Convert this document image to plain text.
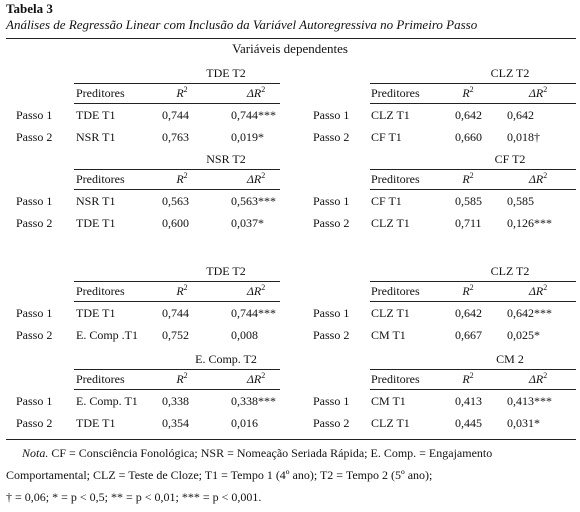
Tabela 3
Análises de Regressão Linear com Inclusão da Variável Autoregressiva no Primeiro Passo
Variáveis dependentes
TDE T2
Preditores	$R^2$	$\Delta R^2$
Passo 1 TDE T1	0,744	0,744***
Passo 2 NSR T1	0,763	0,019*
CLZ T2
Preditores	$R^2$	$\Delta R^2$
Passo 1 CLZ T1	0,642 0,642
Passo 2 CF T1	0,660 0,018†
NSR T2
Preditores	$R^2$	$\Delta R^2$
Passo 1 NSR T1	0,563	0,563***
Passo 2 TDE T1	0,600	0,037*
CF T2
Preditores	$R^2$	$\Delta R^2$
Passo 1 CF T1	0,585 0,585
Passo 2 CLZ T1	0,711 0,126***
TDE T2
Preditores	$R^2$	$\Delta R^2$
Passo 1 TDE T1	0,744	0,744***
Passo 2 E. Comp .T1 0,752	0,008
CLZ T2
Preditores	$R^2$	$\Delta R^2$
Passo 1 CLZ T1	0,642 0,642***
Passo 2 CM T1	0,667 0,025*
E. Comp. T2
Preditores	$R^2$	$\Delta R^2$
Passo 1 E. Comp. T1 0,338	0,338***
Passo 2 TDE T1	0,354	0,016
CM 2
Preditores	$R^2$	$\Delta R^2$
Passo 1 CM T1	0,413 0,413***
Passo 2 CLZ T1	0,445 0,031*
Nota. CF = Consciência Fonológica; NSR = Nomeação Seriada Rápida; E. Comp. = Engajamento
Comportamental; CLZ = Teste de Cloze; T1 = Tempo 1 (4º ano); T2 = Tempo 2 (5º ano);
† = 0,06; * = p < 0,5; ** = p < 0,01; *** = p < 0,001.
